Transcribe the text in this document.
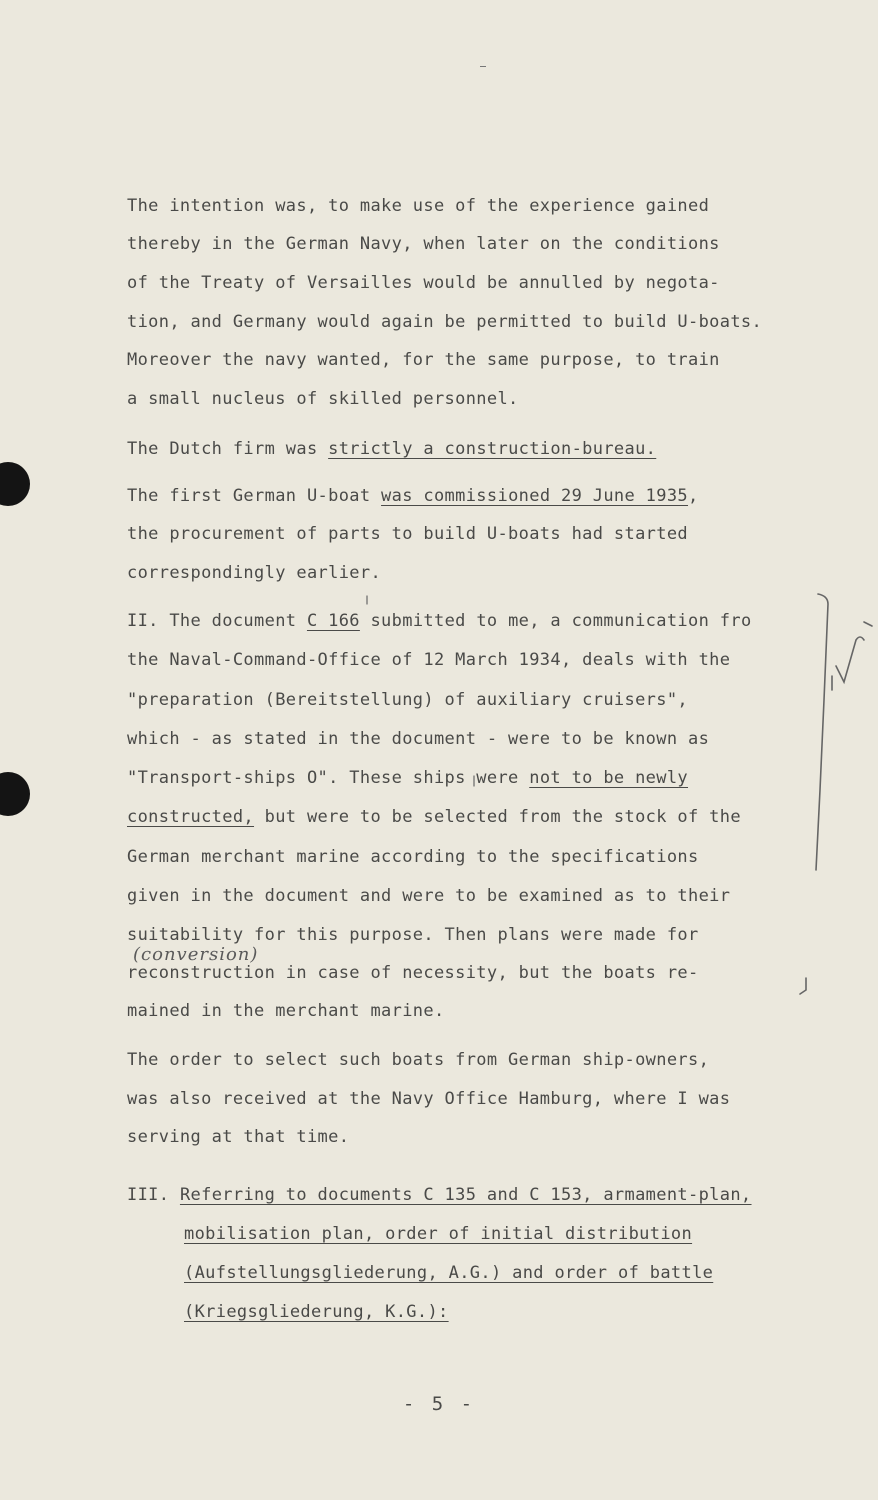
The intention was, to make use of the experience gained
thereby in the German Navy, when later on the conditions
of the Treaty of Versailles would be annulled by negota-
tion, and Germany would again be permitted to build U-boats.
Moreover the navy wanted, for the same purpose, to train
a small nucleus of skilled personnel.
The Dutch firm was strictly a construction-bureau.
The first German U-boat was commissioned 29 June 1935,
the procurement of parts to build U-boats had started
correspondingly earlier.
II. The document C 166 submitted to me, a communication fro
the Naval-Command-Office of 12 March 1934, deals with the
"preparation (Bereitstellung) of auxiliary cruisers",
which - as stated in the document - were to be known as
"Transport-ships O". These ships were not to be newly
constructed, but were to be selected from the stock of the
German merchant marine according to the specifications
given in the document and were to be examined as to their
suitability for this purpose. Then plans were made for
(conversion)
reconstruction in case of necessity, but the boats re-
mained in the merchant marine.
The order to select such boats from German ship-owners,
was also received at the Navy Office Hamburg, where I was
serving at that time.
III. Referring to documents C 135 and C 153, armament-plan,
mobilisation plan, order of initial distribution
(Aufstellungsgliederung, A.G.) and order of battle
(Kriegsgliederung, K.G.):
- 5 -
